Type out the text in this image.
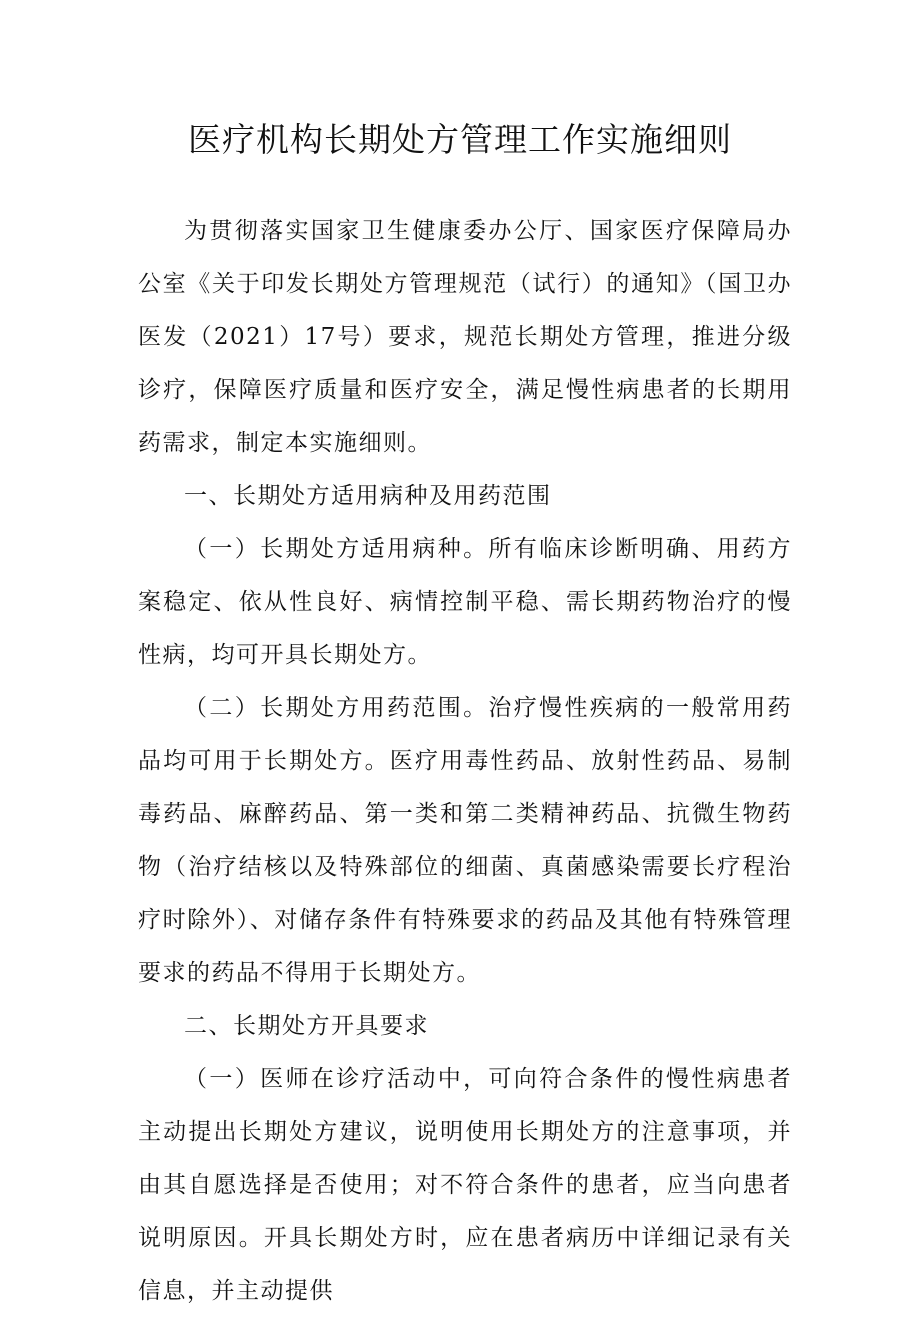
医疗机构长期处方管理工作实施细则

为贯彻落实国家卫生健康委办公厅、国家医疗保障局办公室《关于印发长期处方管理规范（试行）的通知》（国卫办医发（2021）17号）要求，规范长期处方管理，推进分级诊疗，保障医疗质量和医疗安全，满足慢性病患者的长期用药需求，制定本实施细则。

一、长期处方适用病种及用药范围

（一）长期处方适用病种。所有临床诊断明确、用药方案稳定、依从性良好、病情控制平稳、需长期药物治疗的慢性病，均可开具长期处方。

（二）长期处方用药范围。治疗慢性疾病的一般常用药品均可用于长期处方。医疗用毒性药品、放射性药品、易制毒药品、麻醉药品、第一类和第二类精神药品、抗微生物药物（治疗结核以及特殊部位的细菌、真菌感染需要长疗程治疗时除外）、对储存条件有特殊要求的药品及其他有特殊管理要求的药品不得用于长期处方。

二、长期处方开具要求

（一）医师在诊疗活动中，可向符合条件的慢性病患者主动提出长期处方建议，说明使用长期处方的注意事项，并由其自愿选择是否使用；对不符合条件的患者，应当向患者说明原因。开具长期处方时，应在患者病历中详细记录有关信息，并主动提供
